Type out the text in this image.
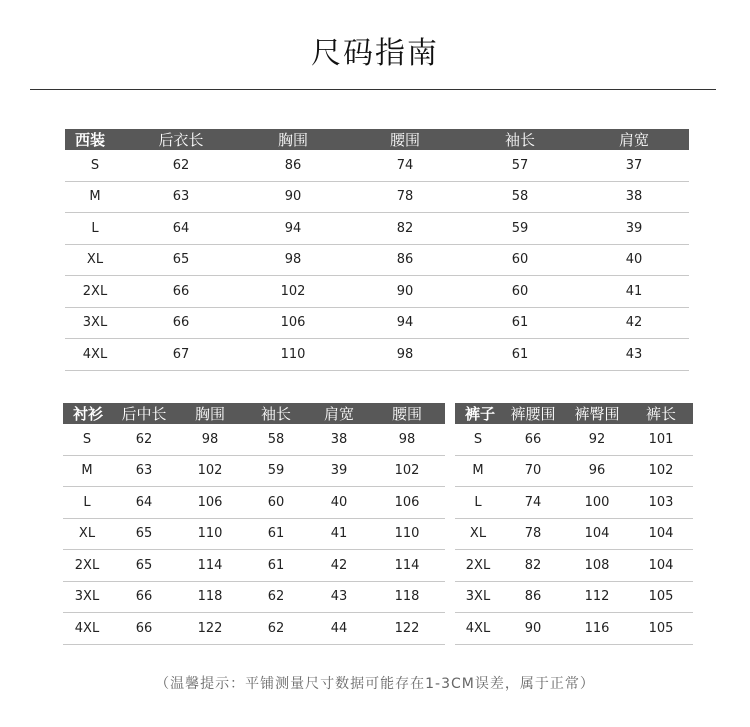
尺码指南
西装	后衣长	胸围	腰围	袖长	肩宽
S	62	86	74	57	37
M	63	90	78	58	38
L	64	94	82	59	39
XL	65	98	86	60	40
2XL	66	102	90	60	41
3XL	66	106	94	61	42
4XL	67	110	98	61	43
衬衫	后中长	胸围	袖长	肩宽	腰围
S	62	98	58	38	98
M	63	102	59	39	102
L	64	106	60	40	106
XL	65	110	61	41	110
2XL	65	114	61	42	114
3XL	66	118	62	43	118
4XL	66	122	62	44	122
裤子	裤腰围	裤臀围	裤长
S	66	92	101
M	70	96	102
L	74	100	103
XL	78	104	104
2XL	82	108	104
3XL	86	112	105
4XL	90	116	105
（温馨提示：平铺测量尺寸数据可能存在1-3CM误差，属于正常）
